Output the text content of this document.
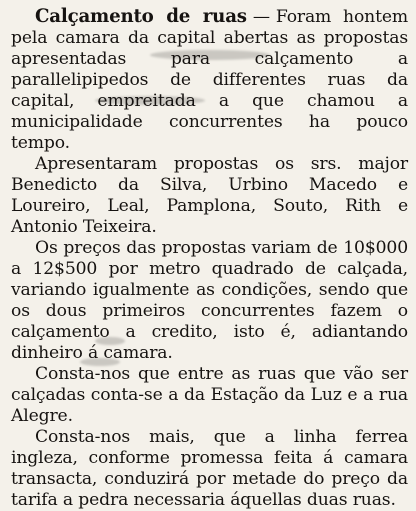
Calçamento de ruas — Foram hontem pela camara da capital abertas as propostas apresentadas para calçamento a parallelipipedos de differentes ruas da capital, empreitada a que chamou a municipalidade concurrentes ha pouco tempo.

Apresentaram propostas os srs. major Benedicto da Silva, Urbino Macedo e Loureiro, Leal, Pamplona, Souto, Rith e Antonio Teixeira.

Os preços das propostas variam de 10$000 a 12$500 por metro quadrado de calçada, variando igualmente as condições, sendo que os dous primeiros concurrentes fazem o calçamento a credito, isto é, adiantando dinheiro á camara.

Consta-nos que entre as ruas que vão ser calçadas conta-se a da Estação da Luz e a rua Alegre.

Consta-nos mais, que a linha ferrea ingleza, conforme promessa feita á camara transacta, conduzirá por metade do preço da tarifa a pedra necessaria áquellas duas ruas.
